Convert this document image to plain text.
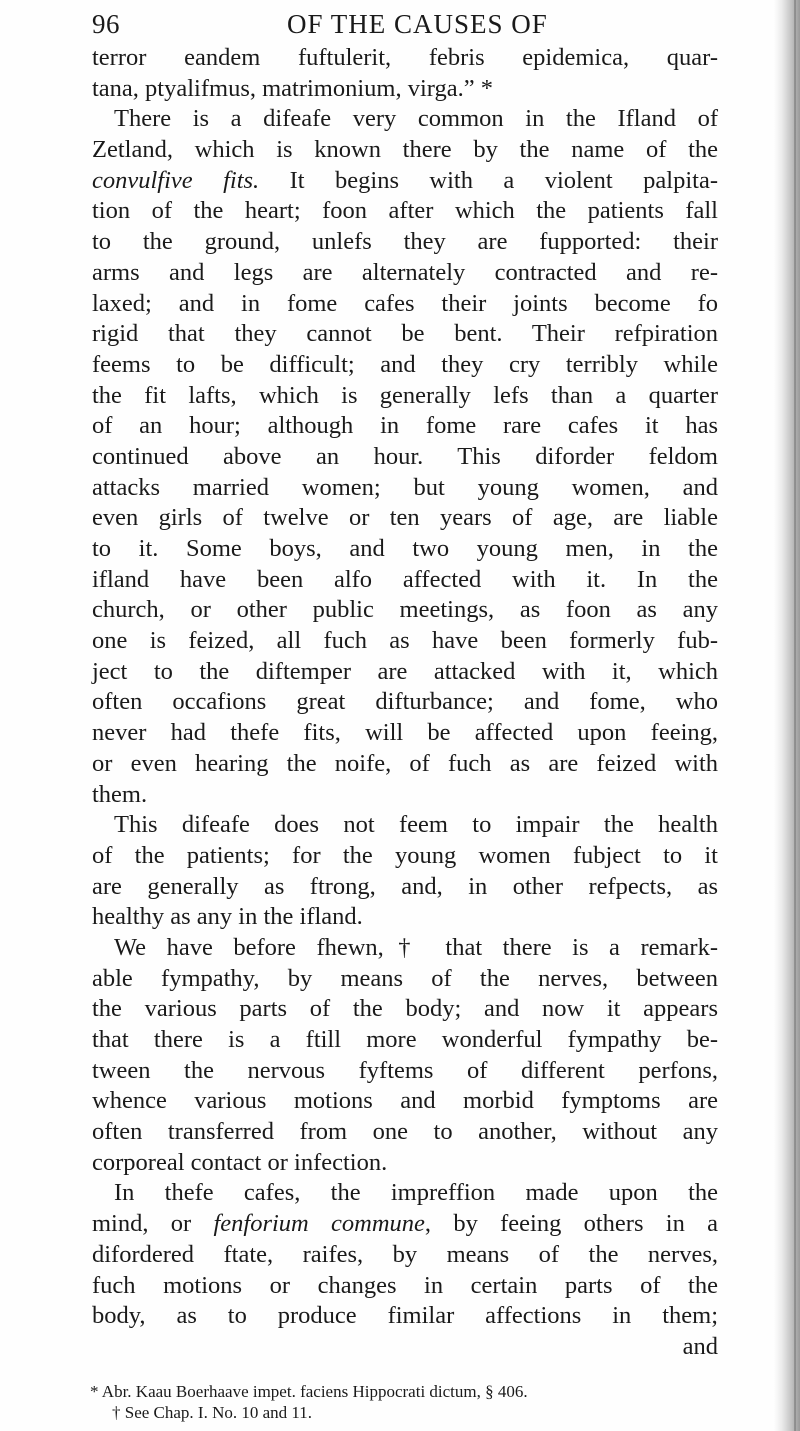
96	OF THE CAUSES OF
terror eandem fuftulerit, febris epidemica, quar-
tana, ptyalifmus, matrimonium, virga.” *
There is a difeafe very common in the Ifland of
Zetland, which is known there by the name of the
convulfive fits. It begins with a violent palpita-
tion of the heart; foon after which the patients fall
to the ground, unlefs they are fupported: their
arms and legs are alternately contracted and re-
laxed; and in fome cafes their joints become fo
rigid that they cannot be bent. Their refpiration
feems to be difficult; and they cry terribly while
the fit lafts, which is generally lefs than a quarter
of an hour; although in fome rare cafes it has
continued above an hour. This diforder feldom
attacks married women; but young women, and
even girls of twelve or ten years of age, are liable
to it. Some boys, and two young men, in the
ifland have been alfo affected with it. In the
church, or other public meetings, as foon as any
one is feized, all fuch as have been formerly fub-
ject to the diftemper are attacked with it, which
often occafions great difturbance; and fome, who
never had thefe fits, will be affected upon feeing,
or even hearing the noife, of fuch as are feized with
them.
This difeafe does not feem to impair the health
of the patients; for the young women fubject to it
are generally as ftrong, and, in other refpects, as
healthy as any in the ifland.
We have before fhewn,† that there is a remark-
able fympathy, by means of the nerves, between
the various parts of the body; and now it appears
that there is a ftill more wonderful fympathy be-
tween the nervous fyftems of different perfons,
whence various motions and morbid fymptoms are
often transferred from one to another, without any
corporeal contact or infection.
In thefe cafes, the impreffion made upon the
mind, or fenforium commune, by feeing others in a
difordered ftate, raifes, by means of the nerves,
fuch motions or changes in certain parts of the
body, as to produce fimilar affections in them;
and
* Abr. Kaau Boerhaave impet. faciens Hippocrati dictum, § 406.
† See Chap. I. No. 10 and 11.
